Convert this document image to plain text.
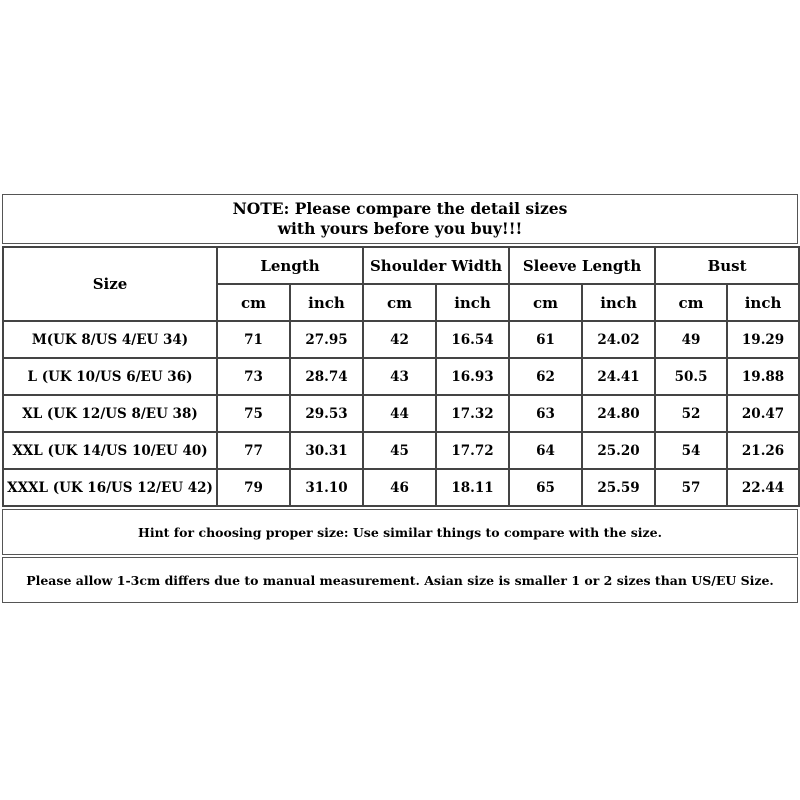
NOTE: Please compare the detail sizes
with yours before you buy!!!
Size	Length		Shoulder Width		Sleeve Length		Bust	
	cm	inch	cm	inch	cm	inch	cm	inch
M(UK 8/US 4/EU 34)	71	27.95	42	16.54	61	24.02	49	19.29
L (UK 10/US 6/EU 36)	73	28.74	43	16.93	62	24.41	50.5	19.88
XL (UK 12/US 8/EU 38)	75	29.53	44	17.32	63	24.80	52	20.47
XXL (UK 14/US 10/EU 40)	77	30.31	45	17.72	64	25.20	54	21.26
XXXL (UK 16/US 12/EU 42)	79	31.10	46	18.11	65	25.59	57	22.44
Hint for choosing proper size: Use similar things to compare with the size.
Please allow 1-3cm differs due to manual measurement. Asian size is smaller 1 or 2 sizes than US/EU Size.
